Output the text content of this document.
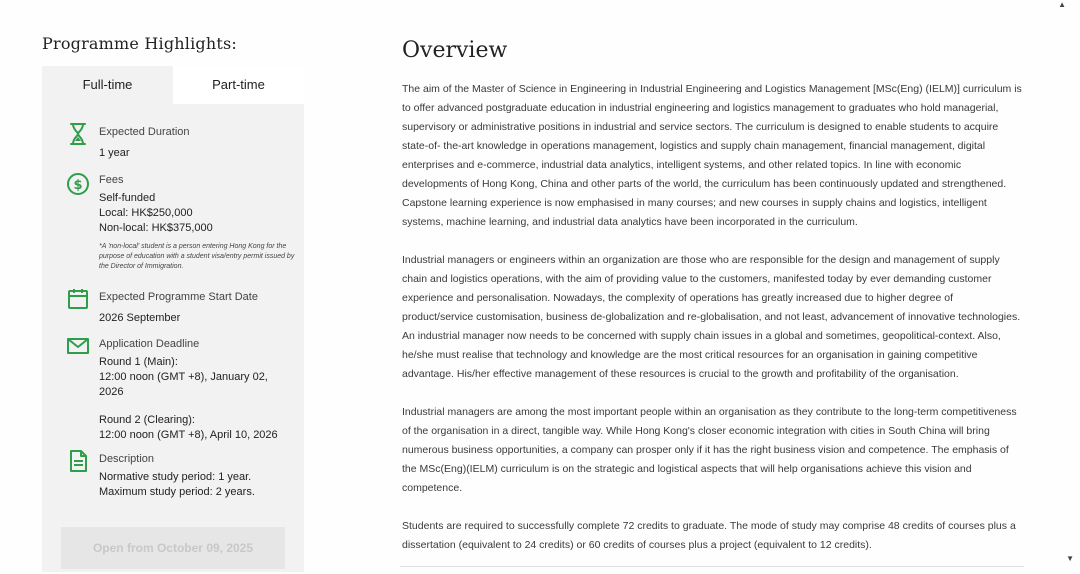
Programme Highlights:
Full-time	Part-time
Expected Duration
1 year
$ Fees
Self-funded
Local: HK$250,000
Non-local: HK$375,000
*A 'non-local' student is a person entering Hong Kong for the purpose of education with a student visa/entry permit issued by the Director of Immigration.
Expected Programme Start Date
2026 September
Application Deadline
Round 1 (Main):
12:00 noon (GMT +8), January 02,
2026
Round 2 (Clearing):
12:00 noon (GMT +8), April 10, 2026
Description
Normative study period: 1 year.
Maximum study period: 2 years.
Open from October 09, 2025
Overview

The aim of the Master of Science in Engineering in Industrial Engineering and Logistics Management [MSc(Eng) (IELM)] curriculum is to offer advanced postgraduate education in industrial engineering and logistics management to graduates who hold managerial, supervisory or administrative positions in industrial and service sectors. The curriculum is designed to enable students to acquire state-of- the-art knowledge in operations management, logistics and supply chain management, financial management, digital enterprises and e-commerce, industrial data analytics, intelligent systems, and other related topics. In line with economic developments of Hong Kong, China and other parts of the world, the curriculum has been continuously updated and strengthened. Capstone learning experience is now emphasised in many courses; and new courses in supply chains and logistics, intelligent systems, machine learning, and industrial data analytics have been incorporated in the curriculum.

Industrial managers or engineers within an organization are those who are responsible for the design and management of supply chain and logistics operations, with the aim of providing value to the customers, manifested today by ever demanding customer experience and personalisation. Nowadays, the complexity of operations has greatly increased due to higher degree of product/service customisation, business de-globalization and re-globalisation, and not least, advancement of innovative technologies. An industrial manager now needs to be concerned with supply chain issues in a global and sometimes, geopolitical-context. Also, he/she must realise that technology and knowledge are the most critical resources for an organisation in gaining competitive advantage. His/her effective management of these resources is crucial to the growth and profitability of the organisation.

Industrial managers are among the most important people within an organisation as they contribute to the long-term competitiveness of the organisation in a direct, tangible way. While Hong Kong's closer economic integration with cities in South China will bring numerous business opportunities, a company can prosper only if it has the right business vision and competence. The emphasis of the MSc(Eng)(IELM) curriculum is on the strategic and logistical aspects that will help organisations achieve this vision and competence.

Students are required to successfully complete 72 credits to graduate. The mode of study may comprise 48 credits of courses plus a dissertation (equivalent to 24 credits) or 60 credits of courses plus a project (equivalent to 12 credits).

▲
▼
